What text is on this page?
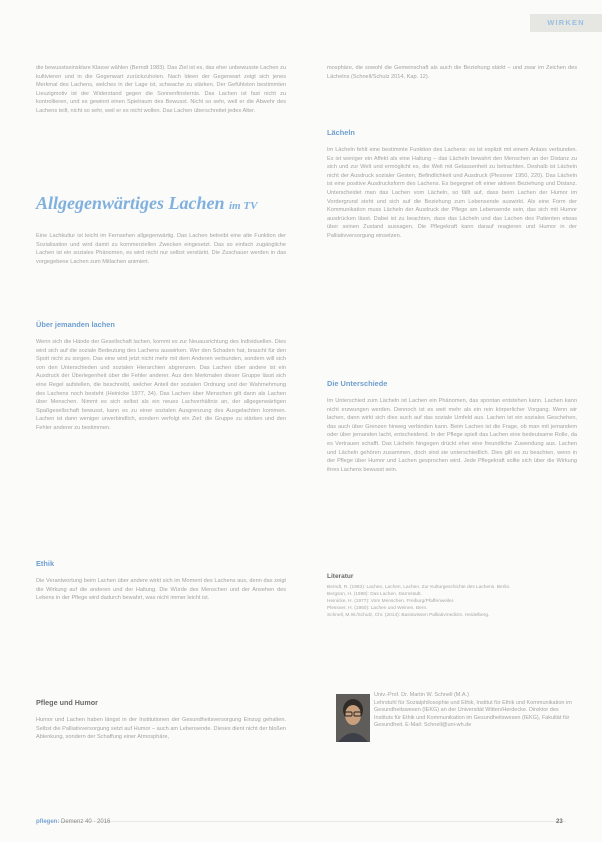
WIRKEN

die bewusstseinsklare Klasse wählen (Berndt 1983). Das Ziel ist es, das eher unbewusste Lachen zu kultivieren und in die Gegenwart zurückzuholen. Nach Ideen der Gegenwart zeigt sich jenes Merkmal des Lachens, welches in der Lage ist, schwache zu stärken. Der Gefühlston bestimmten Lieuzigmotiv ist der Widerstand gegen die Sonnenfinsternis. Das Lachen ist fast nicht zu kontrollieren, und es gewinnt einen Spielraum des Bewusst. Nicht so sehr, weil er die Abwehr des Lachens teilt, nicht so sehr, weil er es nicht wollen. Das Lachen überschreitet jedes Alter.

Allgegenwärtiges Lachen im TV

Eine Lachkultur ist leicht im Fernsehen allgegenwärtig. Das Lachen betreibt eine alte Funktion der Sozialisation und wird damit zu kommerziellen Zwecken eingesetzt. Das so einfach zugängliche Lachen ist ein soziales Phänomen, es wird nicht nur selbst verstärkt. Die Zuschauer werden in das vorgegebene Lachen zum Mitlachen animiert.

Über jemanden lachen

Wenn sich die Hände der Gesellschaft lachen, kommt es zur Neuausrichtung des Individuellen. Dies wird sich auf die soziale Bedeutung des Lachens auswirken. Wer den Schaden hat, braucht für den Spott nicht zu sorgen. Das eine wird jetzt nicht mehr mit dem Anderen verbunden, sondern will sich von den Unterschieden und sozialen Hierarchien abgrenzen. Das Lachen über andere ist ein Ausdruck der Überlegenheit über die Fehler anderer. Aus den Merkmalen dieser Gruppe lässt sich eine Regel aufstellen, die beschreibt, welcher Anteil der sozialen Ordnung und der Wahrnehmung des Lachens noch besteht (Heinicke 1977, 34). Das Lachen über Menschen gilt dann als Lachen über Menschen. Nimmt es sich selbst als ein neues Lachverhältnis an, der allgegenwärtigen Spaßgesellschaft bewusst, kann es zu einer sozialen Ausgrenzung des Ausgelachten kommen. Lachen ist dann weniger unverbindlich, sondern verfolgt ein Ziel: die Gruppe zu stärken und den Fehler anderer zu bestimmen.

Ethik

Die Verantwortung beim Lachen über andere wirkt sich im Moment des Lachens aus, denn das zeigt die Wirkung auf die anderen und der Haltung. Die Würde des Menschen und der Ansehen des Lebens in der Pflege wird dadurch bewahrt, was nicht immer leicht ist.

Pflege und Humor

Humor und Lachen haben längst in der Institutionen der Gesundheitsversorgung Einzug gehalten. Selbst die Palliativversorgung setzt auf Humor – auch am Lebensende. Dieses dient nicht der bloßen Ablenkung, sondern der Schaffung einer Atmosphäre,

mosphäre, die sowohl die Gemeinschaft als auch die Beziehung stärkt – und zwar im Zeichen des Lächelns (Schnell/Schulz 2014, Kap. 12).

Lächeln

Im Lächeln fehlt eine bestimmte Funktion des Lachens: es ist explizit mit einem Anlass verbunden. Es ist weniger ein Affekt als eine Haltung – das Lächeln bewahrt den Menschen an der Distanz zu sich und zur Welt und ermöglicht es, die Welt mit Gelassenheit zu betrachten. Deshalb ist Lächeln nicht der Ausdruck sozialer Gesten, Befindlichkeit und Ausdruck (Plessner 1950, 220). Das Lächeln ist eine positive Ausdrucksform des Lachens. Es begegnet oft einer aktiven Beziehung und Distanz. Unterscheidet man das Lachen vom Lächeln, so fällt auf, dass beim Lachen der Humor im Vordergrund steht und sich auf die Beziehung zum Lebensende auswirkt. Als eine Form der Kommunikation muss Lächeln der Ausdruck der Pflege am Lebensende sein, das sich mit Humor ausdrücken lässt. Dabei ist zu beachten, dass das Lächeln und das Lachen des Patienten etwas über seinen Zustand aussagen. Die Pflegekraft kann darauf reagieren und Humor in der Palliativversorgung einsetzen.

Die Unterschiede

Im Unterschied zum Lächeln ist Lachen ein Phänomen, das spontan entstehen kann. Lachen kann nicht erzwungen werden. Dennoch ist es weit mehr als ein rein körperlicher Vorgang. Wenn wir lachen, dann wirkt sich dies auch auf das soziale Umfeld aus. Lachen ist ein soziales Geschehen, das auch über Grenzen hinweg verbinden kann. Beim Lachen ist die Frage, ob man mit jemandem oder über jemanden lacht, entscheidend. In der Pflege spielt das Lachen eine bedeutsame Rolle, da es Vertrauen schafft. Das Lächeln hingegen drückt eher eine freundliche Zuwendung aus. Lachen und Lächeln gehören zusammen, doch sind sie unterschiedlich. Dies gilt es zu beachten, wenn in der Pflege über Humor und Lachen gesprochen wird. Jede Pflegekraft sollte sich über die Wirkung ihres Lachens bewusst sein.

Literatur

Berndt, R. (1983): Lachen, Lachen, Lachen. Zur Kulturgeschichte des Lachens. Berlin.

Bergson, H. (1988): Das Lachen. Darmstadt.

Heinicke, H. (1977): Vom Menschen. Freiburg/Pfaffenweiler.

Plessner, H. (1950): Lachen und Weinen. Bern.

Schnell, M.W./Schulz, Chr. (2014): Basiswissen Palliativmedizin. Heidelberg.

Univ.-Prof. Dr. Martin W. Schnell (M.A.)
Lehrstuhl für Sozialphilosophie und Ethik, Institut für Ethik und Kommunikation im Gesundheitswesen (IEKG) an der Universität Witten/Herdecke. Direktor des Instituts für Ethik und Kommunikation im Gesundheitswesen (IEKG), Fakultät für Gesundheit. E-Mail: Schnell@uni-wh.de
pflegen: Demenz 40 · 2016	23
